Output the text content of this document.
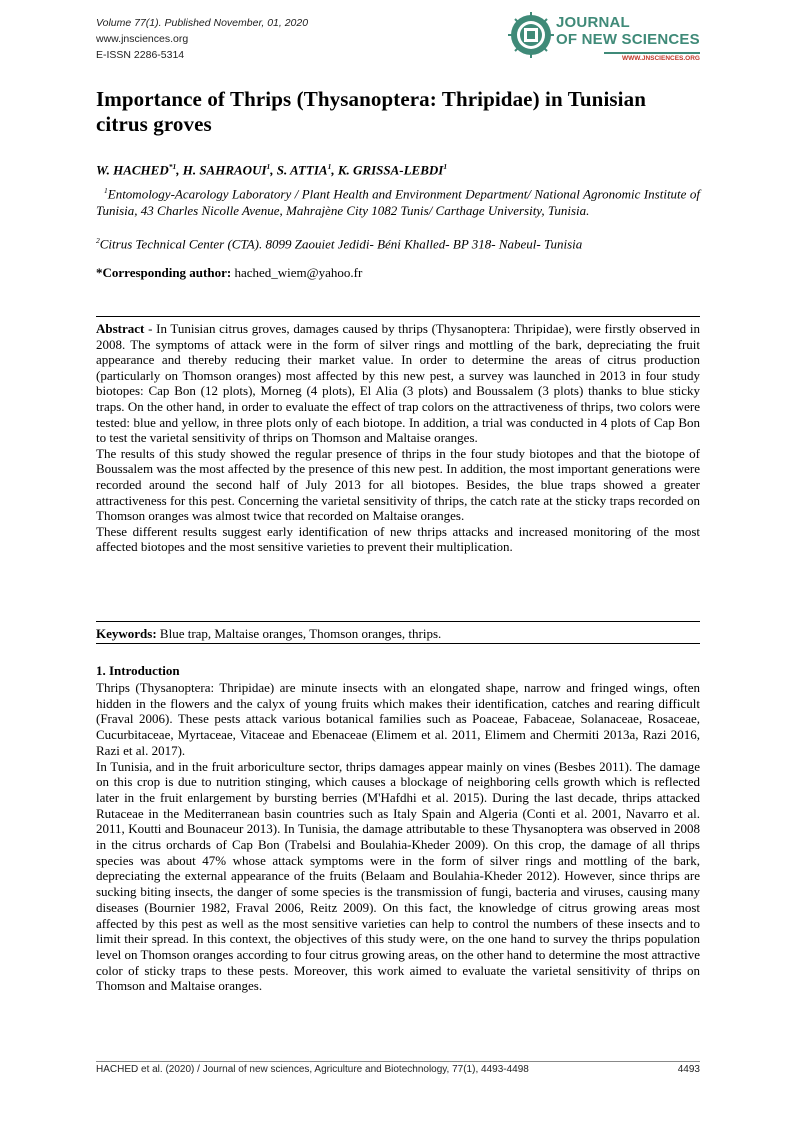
Volume 77(1). Published November, 01, 2020
www.jnsciences.org
E-ISSN 2286-5314
JOURNAL
OF NEW SCIENCES
WWW.JNSCIENCES.ORG
Importance of Thrips (Thysanoptera: Thripidae) in Tunisian citrus groves
W. HACHED$^{*1}$, H. SAHRAOUI$^1$, S. ATTIA$^1$, K. GRISSA-LEBDI$^1$
$^1$Entomology-Acarology Laboratory / Plant Health and Environment Department/ National Agronomic Institute of Tunisia, 43 Charles Nicolle Avenue, Mahrajène City 1082 Tunis/ Carthage University, Tunisia.
$^2$Citrus Technical Center (CTA). 8099 Zaouiet Jedidi- Béni Khalled- BP 318- Nabeul- Tunisia
*Corresponding author: hached_wiem@yahoo.fr

Abstract - In Tunisian citrus groves, damages caused by thrips (Thysanoptera: Thripidae), were firstly observed in 2008. The symptoms of attack were in the form of silver rings and mottling of the bark, depreciating the fruit appearance and thereby reducing their market value. In order to determine the areas of citrus production (particularly on Thomson oranges) most affected by this new pest, a survey was launched in 2013 in four study biotopes: Cap Bon (12 plots), Morneg (4 plots), El Alia (3 plots) and Boussalem (3 plots) thanks to blue sticky traps. On the other hand, in order to evaluate the effect of trap colors on the attractiveness of thrips, two colors were tested: blue and yellow, in three plots only of each biotope. In addition, a trial was conducted in 4 plots of Cap Bon to test the varietal sensitivity of thrips on Thomson and Maltaise oranges.

The results of this study showed the regular presence of thrips in the four study biotopes and that the biotope of Boussalem was the most affected by the presence of this new pest. In addition, the most important generations were recorded around the second half of July 2013 for all biotopes. Besides, the blue traps showed a greater attractiveness for this pest. Concerning the varietal sensitivity of thrips, the catch rate at the sticky traps recorded on Thomson oranges was almost twice that recorded on Maltaise oranges.

These different results suggest early identification of new thrips attacks and increased monitoring of the most affected biotopes and the most sensitive varieties to prevent their multiplication.

Keywords: Blue trap, Maltaise oranges, Thomson oranges, thrips.
1. Introduction

Thrips (Thysanoptera: Thripidae) are minute insects with an elongated shape, narrow and fringed wings, often hidden in the flowers and the calyx of young fruits which makes their identification, catches and rearing difficult (Fraval 2006). These pests attack various botanical families such as Poaceae, Fabaceae, Solanaceae, Rosaceae, Cucurbitaceae, Myrtaceae, Vitaceae and Ebenaceae (Elimem et al. 2011, Elimem and Chermiti 2013a, Razi 2016, Razi et al. 2017).

In Tunisia, and in the fruit arboriculture sector, thrips damages appear mainly on vines (Besbes 2011). The damage on this crop is due to nutrition stinging, which causes a blockage of neighboring cells growth which is reflected later in the fruit enlargement by bursting berries (M'Hafdhi et al. 2015). During the last decade, thrips attacked Rutaceae in the Mediterranean basin countries such as Italy Spain and Algeria (Conti et al. 2001, Navarro et al. 2011, Koutti and Bounaceur 2013). In Tunisia, the damage attributable to these Thysanoptera was observed in 2008 in the citrus orchards of Cap Bon (Trabelsi and Boulahia-Kheder 2009). On this crop, the damage of all thrips species was about 47% whose attack symptoms were in the form of silver rings and mottling of the bark, depreciating the external appearance of the fruits (Belaam and Boulahia-Kheder 2012). However, since thrips are sucking biting insects, the danger of some species is the transmission of fungi, bacteria and viruses, causing many diseases (Bournier 1982, Fraval 2006, Reitz 2009). On this fact, the knowledge of citrus growing areas most affected by this pest as well as the most sensitive varieties can help to control the numbers of these insects and to limit their spread. In this context, the objectives of this study were, on the one hand to survey the thrips population level on Thomson oranges according to four citrus growing areas, on the other hand to determine the most attractive color of sticky traps to these pests. Moreover, this work aimed to evaluate the varietal sensitivity of thrips on Thomson and Maltaise oranges.

HACHED et al. (2020) / Journal of new sciences, Agriculture and Biotechnology, 77(1), 4493-4498	4493
